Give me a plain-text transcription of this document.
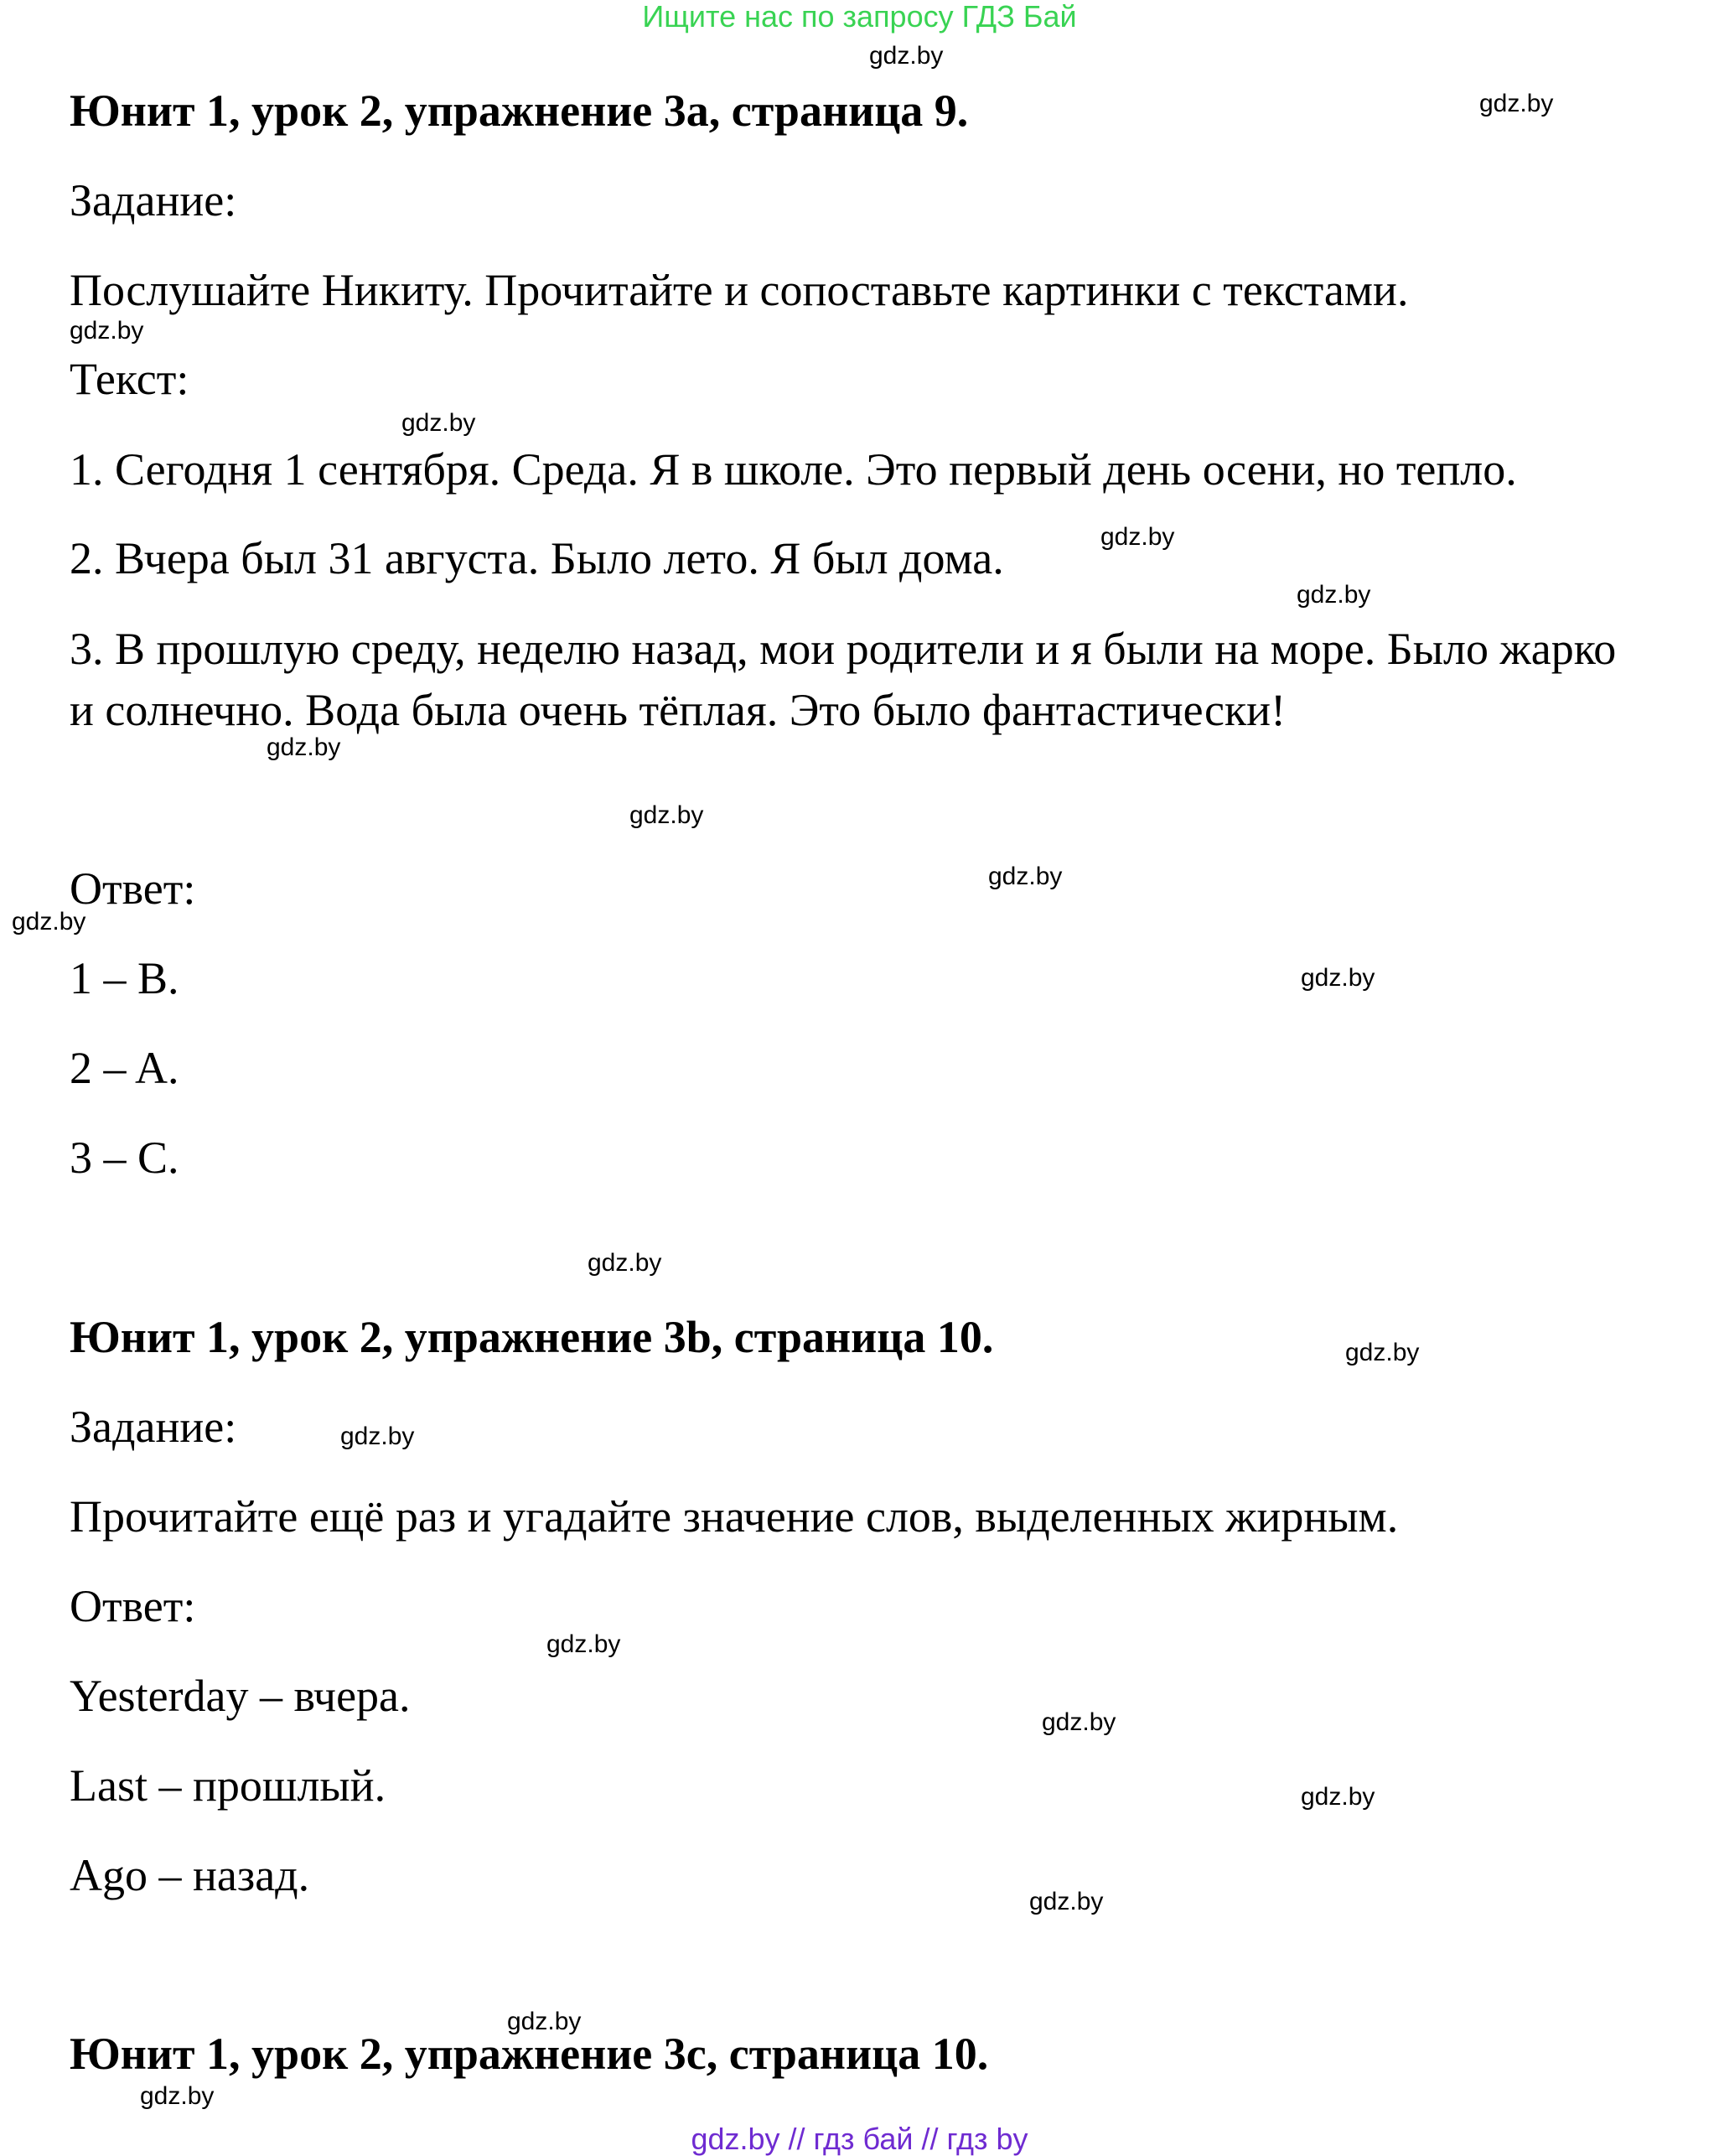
Ищите нас по запросу ГДЗ Бай
Юнит 1, урок 2, упражнение 3a, страница 9.
Задание:
Послушайте Никиту. Прочитайте и сопоставьте картинки с текстами.
Текст:
1. Сегодня 1 сентября. Среда. Я в школе. Это первый день осени, но тепло.
2. Вчера был 31 августа. Было лето. Я был дома.
3. В прошлую среду, неделю назад, мои родители и я были на море. Было жарко и солнечно. Вода была очень тёплая. Это было фантастически!
Ответ:
1 – B.
2 – A.
3 – C.
Юнит 1, урок 2, упражнение 3b, страница 10.
Задание:
Прочитайте ещё раз и угадайте значение слов, выделенных жирным.
Ответ:
Yesterday – вчера.
Last – прошлый.
Ago – назад.
Юнит 1, урок 2, упражнение 3c, страница 10.
gdz.by
gdz.by
gdz.by
gdz.by
gdz.by
gdz.by
gdz.by
gdz.by
gdz.by
gdz.by
gdz.by
gdz.by
gdz.by
gdz.by
gdz.by
gdz.by
gdz.by
gdz.by
gdz.by
gdz.by
gdz.by // гдз бай // гдз by
